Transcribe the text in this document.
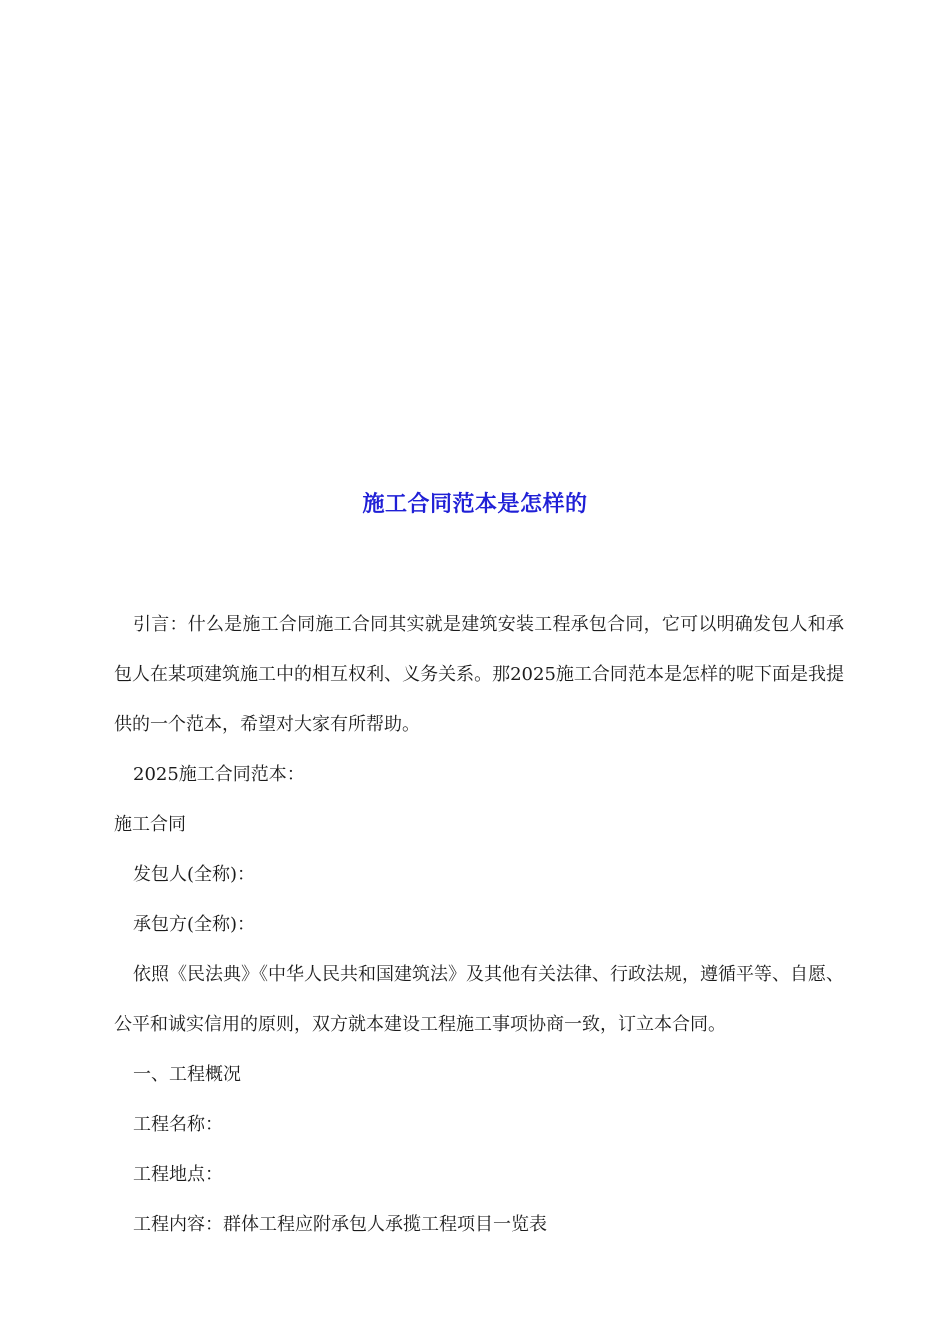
施工合同范本是怎样的

引言：什么是施工合同施工合同其实就是建筑安装工程承包合同，它可以明确发包人和承包人在某项建筑施工中的相互权利、义务关系。那2025施工合同范本是怎样的呢下面是我提供的一个范本，希望对大家有所帮助。

2025施工合同范本：

施工合同

发包人(全称)：

承包方(全称)：

依照《民法典》《中华人民共和国建筑法》及其他有关法律、行政法规，遵循平等、自愿、公平和诚实信用的原则，双方就本建设工程施工事项协商一致，订立本合同。

一、工程概况

工程名称：

工程地点：

工程内容：群体工程应附承包人承揽工程项目一览表
